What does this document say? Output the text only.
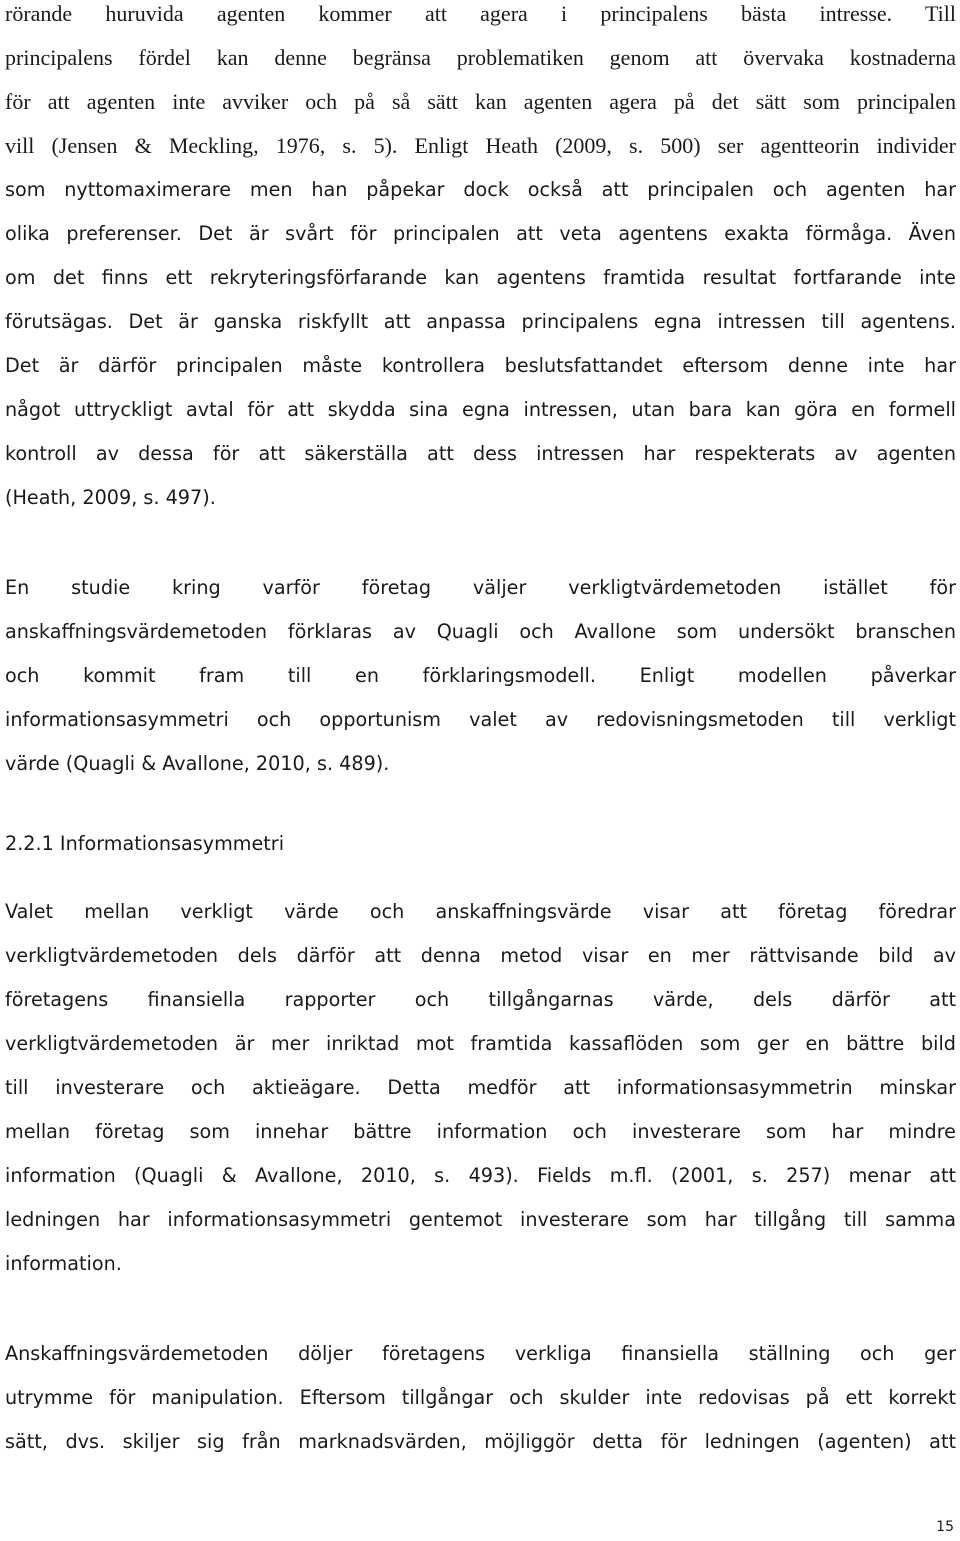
rörande huruvida agenten kommer att agera i principalens bästa intresse. Till
principalens fördel kan denne begränsa problematiken genom att övervaka kostnaderna
för att agenten inte avviker och på så sätt kan agenten agera på det sätt som principalen
vill (Jensen & Meckling, 1976, s. 5). Enligt Heath (2009, s. 500) ser agentteorin individer
som nyttomaximerare men han påpekar dock också att principalen och agenten har
olika preferenser. Det är svårt för principalen att veta agentens exakta förmåga. Även
om det finns ett rekryteringsförfarande kan agentens framtida resultat fortfarande inte
förutsägas. Det är ganska riskfyllt att anpassa principalens egna intressen till agentens.
Det är därför principalen måste kontrollera beslutsfattandet eftersom denne inte har
något uttryckligt avtal för att skydda sina egna intressen, utan bara kan göra en formell
kontroll av dessa för att säkerställa att dess intressen har respekterats av agenten
(Heath, 2009, s. 497).
En studie kring varför företag väljer verkligtvärdemetoden istället för
anskaffningsvärdemetoden förklaras av Quagli och Avallone som undersökt branschen
och kommit fram till en förklaringsmodell. Enligt modellen påverkar
informationsasymmetri och opportunism valet av redovisningsmetoden till verkligt
värde (Quagli & Avallone, 2010, s. 489).
2.2.1 Informationsasymmetri
Valet mellan verkligt värde och anskaffningsvärde visar att företag föredrar
verkligtvärdemetoden dels därför att denna metod visar en mer rättvisande bild av
företagens finansiella rapporter och tillgångarnas värde, dels därför att
verkligtvärdemetoden är mer inriktad mot framtida kassaflöden som ger en bättre bild
till investerare och aktieägare. Detta medför att informationsasymmetrin minskar
mellan företag som innehar bättre information och investerare som har mindre
information (Quagli & Avallone, 2010, s. 493). Fields m.fl. (2001, s. 257) menar att
ledningen har informationsasymmetri gentemot investerare som har tillgång till samma
information.
Anskaffningsvärdemetoden döljer företagens verkliga finansiella ställning och ger
utrymme för manipulation. Eftersom tillgångar och skulder inte redovisas på ett korrekt
sätt, dvs. skiljer sig från marknadsvärden, möjliggör detta för ledningen (agenten) att
15
